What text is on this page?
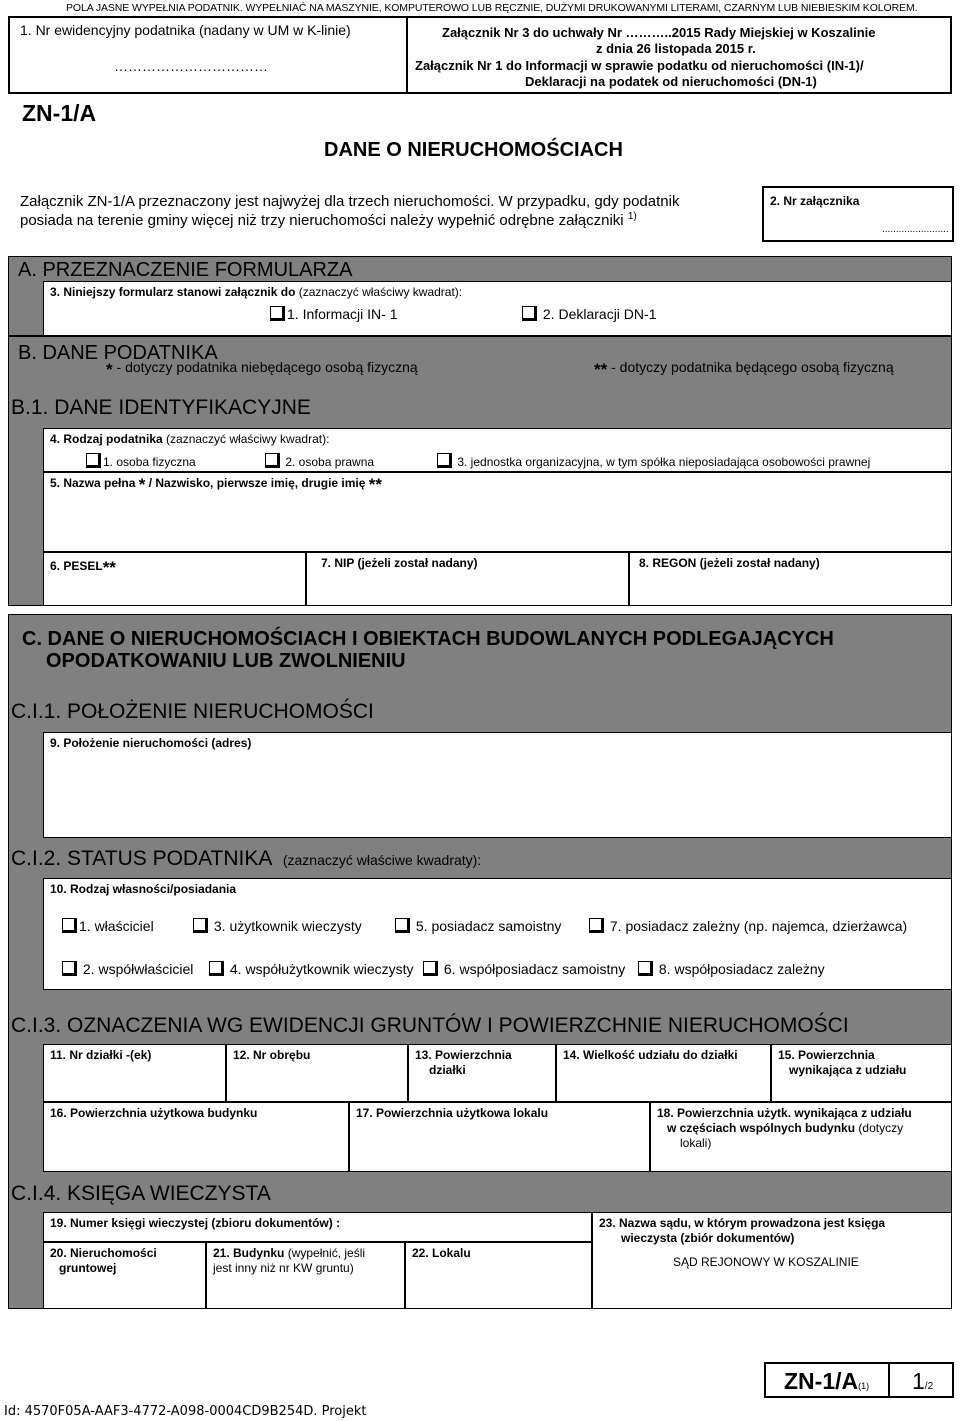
POLA JASNE WYPEŁNIA PODATNIK. WYPEŁNIAĆ NA MASZYNIE, KOMPUTEROWO LUB RĘCZNIE, DUŻYMI DRUKOWANYMI LITERAMI, CZARNYM LUB NIEBIESKIM KOLOREM.
1. Nr ewidencyjny podatnika (nadany w UM w K-linie)
……………………………
Załącznik Nr 3 do uchwały Nr ………..2015 Rady Miejskiej w Koszalinie
z dnia 26 listopada 2015 r.
Załącznik Nr 1 do Informacji w sprawie podatku od nieruchomości (IN-1)/
Deklaracji na podatek od nieruchomości (DN-1)
ZN-1/A
DANE O NIERUCHOMOŚCIACH
Załącznik ZN-1/A przeznaczony jest najwyżej dla trzech nieruchomości. W przypadku, gdy podatnik
posiada na terenie gminy więcej niż trzy nieruchomości należy wypełnić odrębne załączniki $^{1)}$
2. Nr załącznika
........................
A. PRZEZNACZENIE FORMULARZA
3. Niniejszy formularz stanowi załącznik do (zaznaczyć właściwy kwadrat):
1. Informacji IN- 1	2. Deklaracji DN-1
B. DANE PODATNIKA
* - dotyczy podatnika niebędącego osobą fizyczną	** - dotyczy podatnika będącego osobą fizyczną
B.1. DANE IDENTYFIKACYJNE
4. Rodzaj podatnika (zaznaczyć właściwy kwadrat):
1. osoba fizyczna	2. osoba prawna	3. jednostka organizacyjna, w tym spółka nieposiadająca osobowości prawnej
5. Nazwa pełna * / Nazwisko, pierwsze imię, drugie imię **
6. PESEL**	7. NIP (jeżeli został nadany)	8. REGON (jeżeli został nadany)
C. DANE O NIERUCHOMOŚCIACH I OBIEKTACH BUDOWLANYCH PODLEGAJĄCYCH
OPODATKOWANIU LUB ZWOLNIENIU
C.I.1. POŁOŻENIE NIERUCHOMOŚCI
9. Położenie nieruchomości (adres)
C.I.2. STATUS PODATNIKA (zaznaczyć właściwe kwadraty):
10. Rodzaj własności/posiadania
1. właściciel	3. użytkownik wieczysty	5. posiadacz samoistny	7. posiadacz zależny (np. najemca, dzierżawca)
2. współwłaściciel	4. współużytkownik wieczysty	6. współposiadacz samoistny	8. współposiadacz zależny
C.I.3. OZNACZENIA WG EWIDENCJI GRUNTÓW I POWIERZCHNIE NIERUCHOMOŚCI
11. Nr działki -(ek)	12. Nr obrębu	13. Powierzchnia
działki
14. Wielkość udziału do działki	15. Powierzchnia
wynikająca z udziału
16. Powierzchnia użytkowa budynku	17. Powierzchnia użytkowa lokalu	18. Powierzchnia użytk. wynikająca z udziału
w częściach wspólnych budynku (dotyczy
lokali)
C.I.4. KSIĘGA WIECZYSTA
19. Numer księgi wieczystej (zbioru dokumentów) :
20. Nieruchomości
gruntowej
21. Budynku (wypełnić, jeśli
jest inny niż nr KW gruntu)
22. Lokalu
23. Nazwa sądu, w którym prowadzona jest księga
wieczysta (zbiór dokumentów)
SĄD REJONOWY W KOSZALINIE
Id: 4570F05A-AAF3-4772-A098-0004CD9B254D. Projekt
ZN-1/A(1) 1/2
